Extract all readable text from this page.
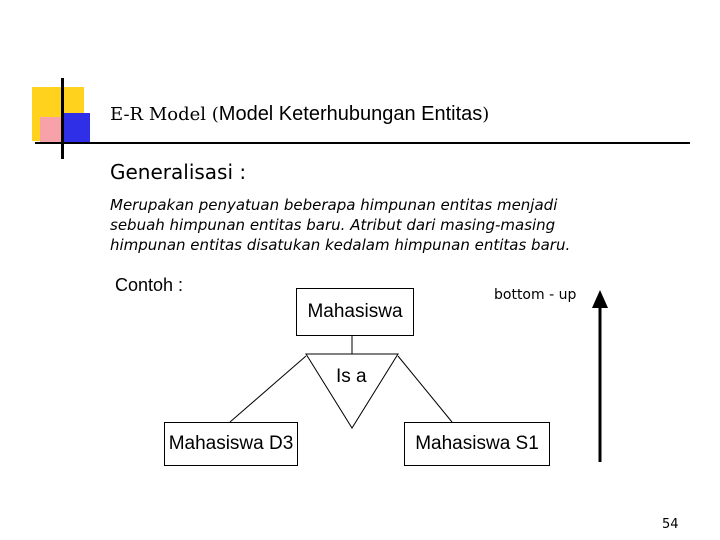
E-R Model (Model Keterhubungan Entitas)
Generalisasi :
Merupakan penyatuan beberapa himpunan entitas menjadi sebuah himpunan entitas baru. Atribut dari masing-masing himpunan entitas disatukan kedalam himpunan entitas baru.
Contoh :	bottom - up
Is a
Mahasiswa
Mahasiswa D3	Mahasiswa S1
54
